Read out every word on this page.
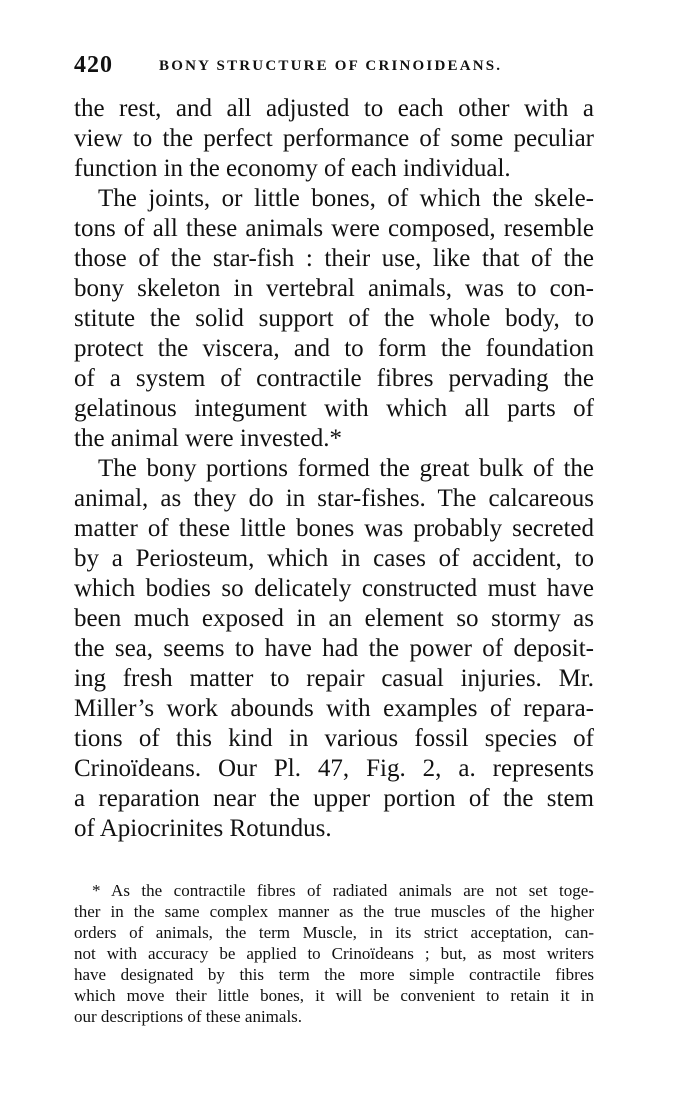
420	BONY STRUCTURE OF CRINOIDEANS.
the rest, and all adjusted to each other with a
view to the perfect performance of some peculiar
function in the economy of each individual.
The joints, or little bones, of which the skele-
tons of all these animals were composed, resemble
those of the star-fish : their use, like that of the
bony skeleton in vertebral animals, was to con-
stitute the solid support of the whole body, to
protect the viscera, and to form the foundation
of a system of contractile fibres pervading the
gelatinous integument with which all parts of
the animal were invested.*
The bony portions formed the great bulk of the
animal, as they do in star-fishes. The calcareous
matter of these little bones was probably secreted
by a Periosteum, which in cases of accident, to
which bodies so delicately constructed must have
been much exposed in an element so stormy as
the sea, seems to have had the power of deposit-
ing fresh matter to repair casual injuries. Mr.
Miller’s work abounds with examples of repara-
tions of this kind in various fossil species of
Crinoïdeans. Our Pl. 47, Fig. 2, a. represents
a reparation near the upper portion of the stem
of Apiocrinites Rotundus.
* As the contractile fibres of radiated animals are not set toge-
ther in the same complex manner as the true muscles of the higher
orders of animals, the term Muscle, in its strict acceptation, can-
not with accuracy be applied to Crinoïdeans ; but, as most writers
have designated by this term the more simple contractile fibres
which move their little bones, it will be convenient to retain it in
our descriptions of these animals.
